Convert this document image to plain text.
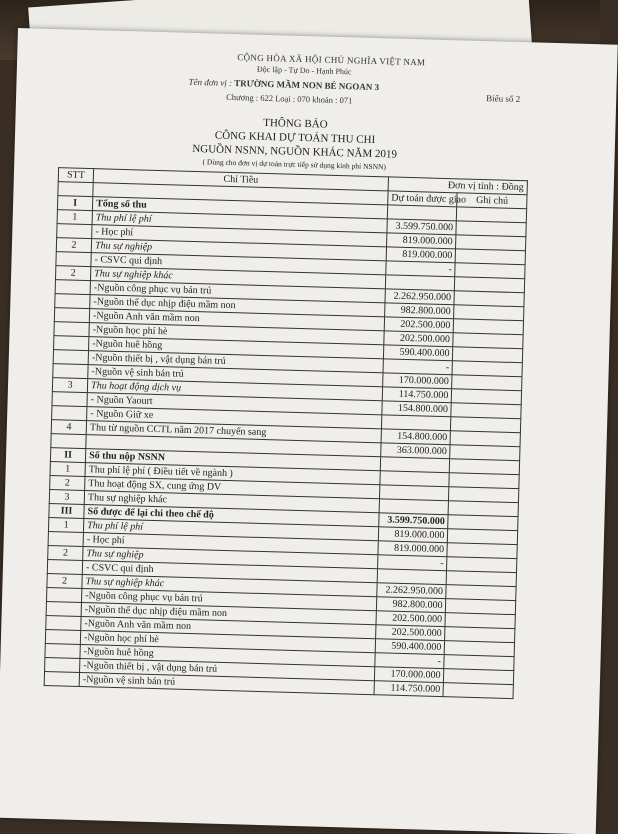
CỘNG HÒA XÃ HỘI CHỦ NGHĨA VIỆT NAM
Độc lập - Tự Do - Hạnh Phúc
Tên đơn vị : TRƯỜNG MẦM NON BÉ NGOAN 3
Chương : 622 Loại : 070 khoản : 071	Biểu số 2
THÔNG BÁO
CÔNG KHAI DỰ TOÁN THU CHI
NGUỒN NSNN, NGUỒN KHÁC NĂM 2019
( Dùng cho đơn vị dự toán trực tiếp sử dụng kinh phí NSNN)
STT	Chỉ Tiêu	Đơn vị tính : Đồng	
		Dự toán được giao	Ghi chú
I	Tổng số thu		
1	Thu phí lệ phí	3.599.750.000	
	- Học phí	819.000.000	
2	Thu sự nghiệp	819.000.000	
	- CSVC qui định	-	
2	Thu sự nghiệp khác		
	-Nguồn công phục vụ bán trú	2.262.950.000	
	-Nguồn thể dục nhịp điệu mầm non	982.800.000	
	-Nguồn Anh văn mầm non	202.500.000	
	-Nguồn học phí hè	202.500.000	
	-Nguồn huê hồng	590.400.000	
	-Nguồn thiết bị , vật dụng bán trú	-	
	-Nguồn vệ sinh bán trú	170.000.000	
3	Thu hoạt động dịch vụ	114.750.000	
	- Nguồn Yaourt	154.800.000	
	- Nguồn Giữ xe		
4	Thu từ nguồn CCTL năm 2017 chuyển sang	154.800.000	
		363.000.000	
II	Số thu nộp NSNN		
1	Thu phí lệ phí ( Điều tiết về ngành )		
2	Thu hoạt động SX, cung ứng DV		
3	Thu sự nghiệp khác		
III	Số được để lại chi theo chế độ	3.599.750.000	
1	Thu phí lệ phí	819.000.000	
	- Học phí	819.000.000	
2	Thu sự nghiệp	-	
	- CSVC qui định		
2	Thu sự nghiệp khác	2.262.950.000	
	-Nguồn công phục vụ bán trú	982.800.000	
	-Nguồn thể dục nhịp điệu mầm non	202.500.000	
	-Nguồn Anh văn mầm non	202.500.000	
	-Nguồn học phí hè	590.400.000	
	-Nguồn huê hồng	-	
	-Nguồn thiết bị , vật dụng bán trú	170.000.000	
	-Nguồn vệ sinh bán trú	114.750.000	
